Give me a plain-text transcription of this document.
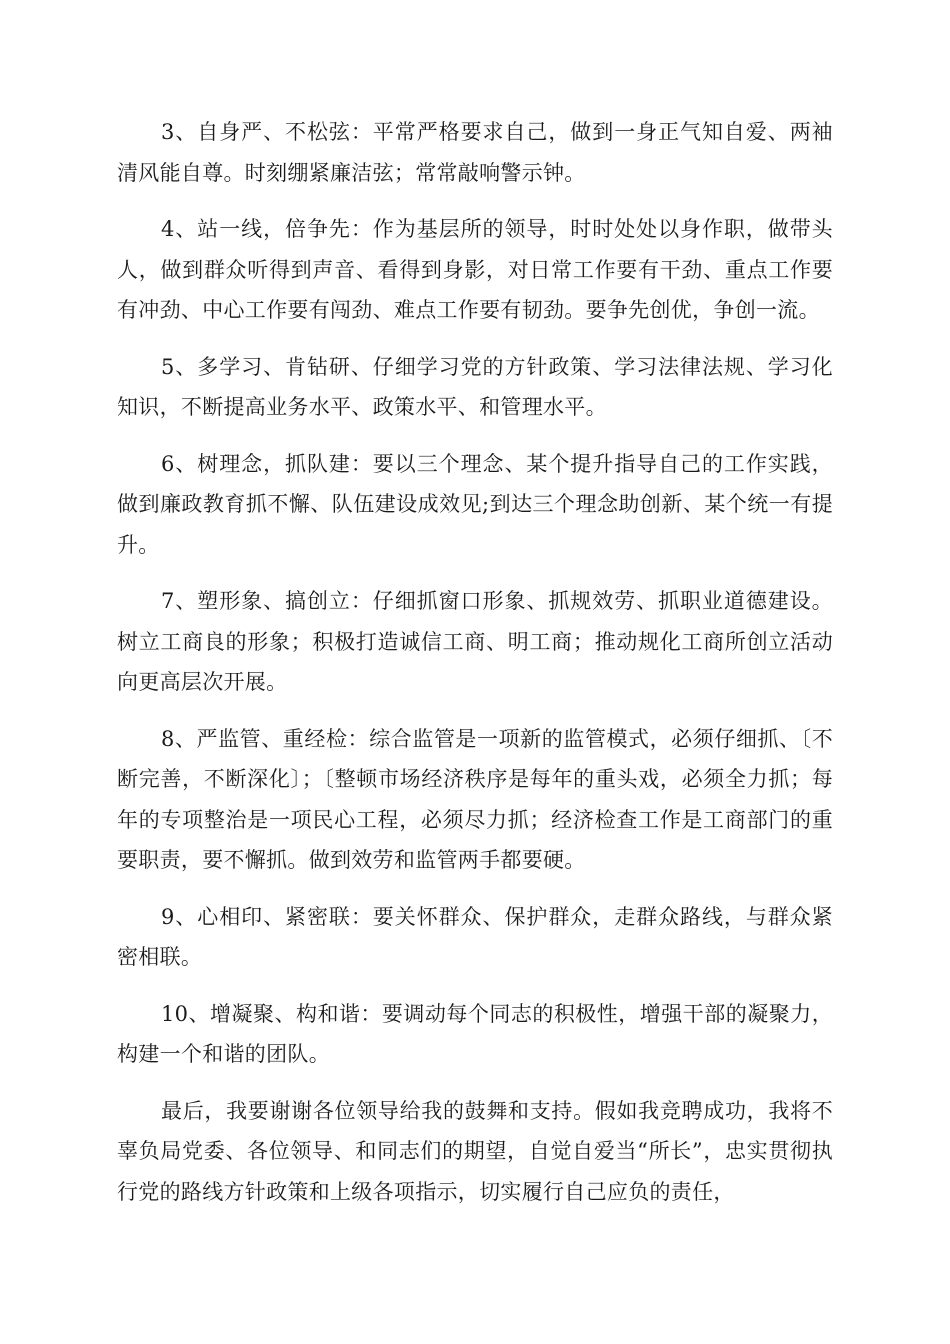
3、自身严、不松弦：平常严格要求自己，做到一身正气知自爱、两袖清风能自尊。时刻绷紧廉洁弦；常常敲响警示钟。

4、站一线，倍争先：作为基层所的领导，时时处处以身作职，做带头人，做到群众听得到声音、看得到身影，对日常工作要有干劲、重点工作要有冲劲、中心工作要有闯劲、难点工作要有韧劲。要争先创优，争创一流。

5、多学习、肯钻研、仔细学习党的方针政策、学习法律法规、学习化知识，不断提高业务水平、政策水平、和管理水平。

6、树理念，抓队建：要以三个理念、某个提升指导自己的工作实践，做到廉政教育抓不懈、队伍建设成效见;到达三个理念助创新、某个统一有提升。

7、塑形象、搞创立：仔细抓窗口形象、抓规效劳、抓职业道德建设。树立工商良的形象；积极打造诚信工商、明工商；推动规化工商所创立活动向更高层次开展。

8、严监管、重经检：综合监管是一项新的监管模式，必须仔细抓、〔不断完善，不断深化〕；〔整顿市场经济秩序是每年的重头戏，必须全力抓；每年的专项整治是一项民心工程，必须尽力抓；经济检查工作是工商部门的重要职责，要不懈抓。做到效劳和监管两手都要硬。

9、心相印、紧密联：要关怀群众、保护群众，走群众路线，与群众紧密相联。

10、增凝聚、构和谐：要调动每个同志的积极性，增强干部的凝聚力，构建一个和谐的团队。

最后，我要谢谢各位领导给我的鼓舞和支持。假如我竞聘成功，我将不辜负局党委、各位领导、和同志们的期望，自觉自爱当“所长”，忠实贯彻执行党的路线方针政策和上级各项指示，切实履行自己应负的责任，
